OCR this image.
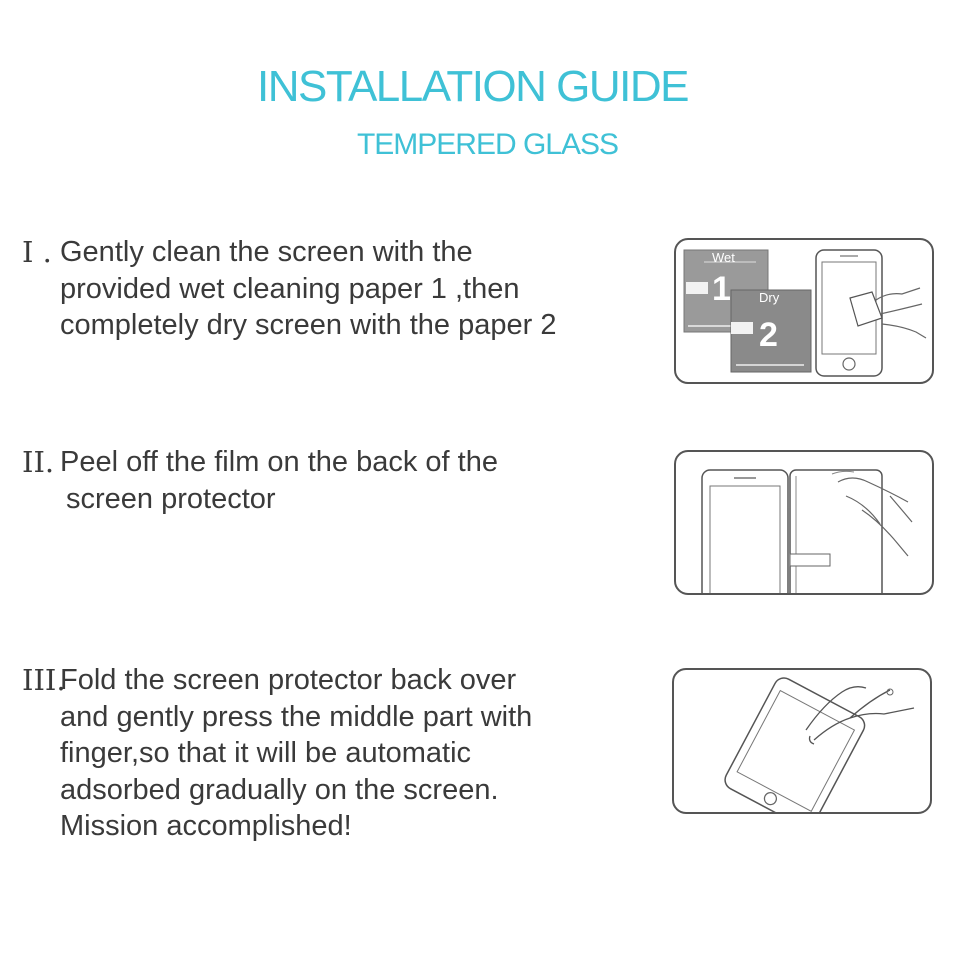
INSTALLATION GUIDE
TEMPERED GLASS
I . Gently clean the screen with the
provided wet cleaning paper 1 ,then
completely dry screen with the paper 2
II. Peel off the film on the back of the
screen protector
III.
Fold the screen protector back over
and gently press the middle part with
finger,so that it will be automatic
adsorbed gradually on the screen.
Mission accomplished!
Wet
1 Dry
2
